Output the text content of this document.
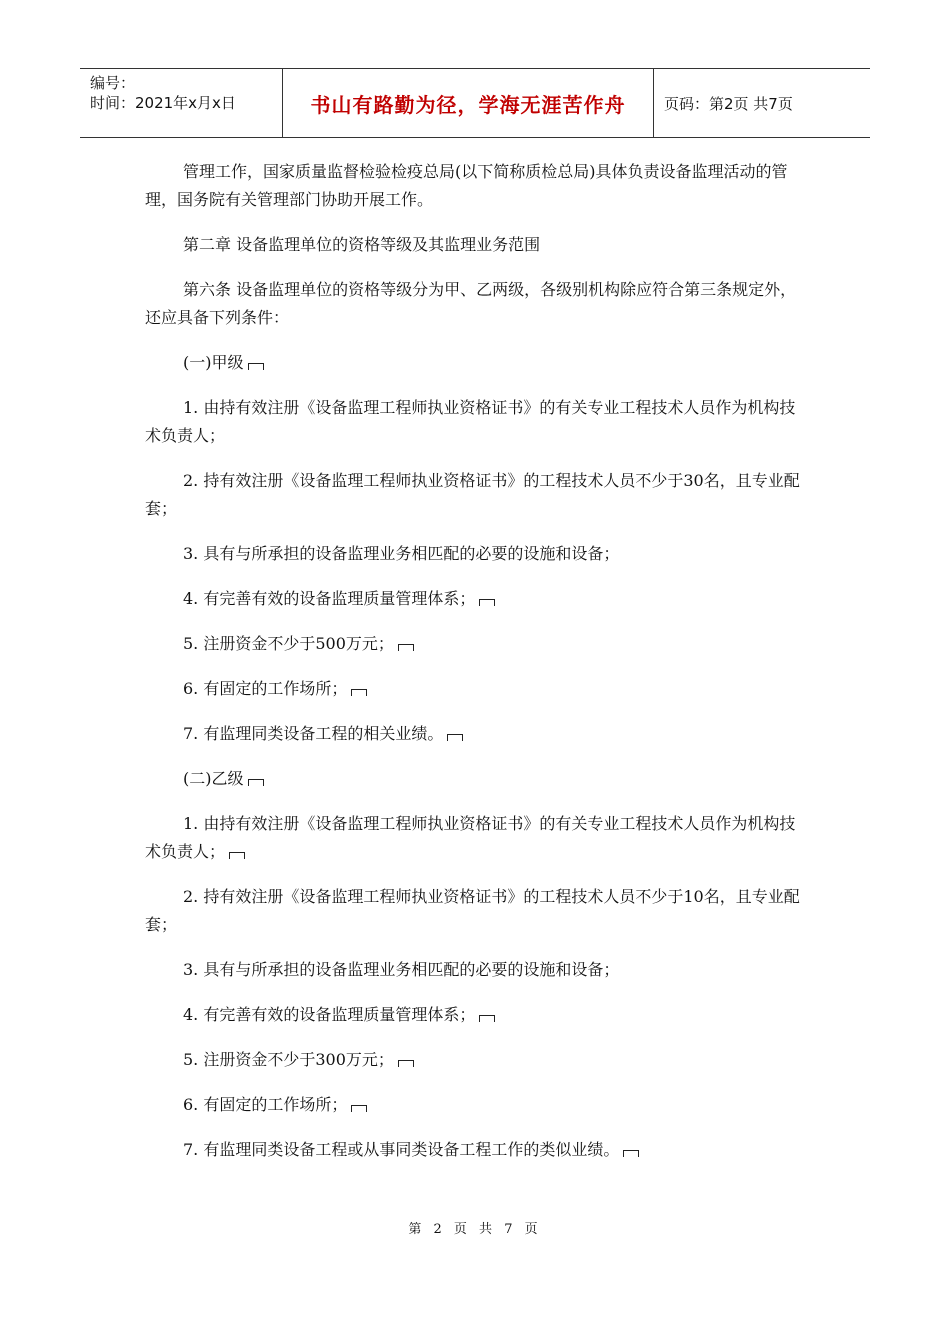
编号：
时间：2021年x月x日	书山有路勤为径，学海无涯苦作舟	页码：第2页 共7页
管理工作，国家质量监督检验检疫总局(以下简称质检总局)具体负责设备监理活动的管理，国务院有关管理部门协助开展工作。
第二章 设备监理单位的资格等级及其监理业务范围
第六条 设备监理单位的资格等级分为甲、乙两级，各级别机构除应符合第三条规定外，还应具备下列条件：
(一)甲级
1. 由持有效注册《设备监理工程师执业资格证书》的有关专业工程技术人员作为机构技术负责人；
2. 持有效注册《设备监理工程师执业资格证书》的工程技术人员不少于30名，且专业配套；
3. 具有与所承担的设备监理业务相匹配的必要的设施和设备；
4. 有完善有效的设备监理质量管理体系；
5. 注册资金不少于500万元；
6. 有固定的工作场所；
7. 有监理同类设备工程的相关业绩。
(二)乙级
1. 由持有效注册《设备监理工程师执业资格证书》的有关专业工程技术人员作为机构技术负责人；
2. 持有效注册《设备监理工程师执业资格证书》的工程技术人员不少于10名，且专业配套；
3. 具有与所承担的设备监理业务相匹配的必要的设施和设备；
4. 有完善有效的设备监理质量管理体系；
5. 注册资金不少于300万元；
6. 有固定的工作场所；
7. 有监理同类设备工程或从事同类设备工程工作的类似业绩。
第 2 页 共 7 页
